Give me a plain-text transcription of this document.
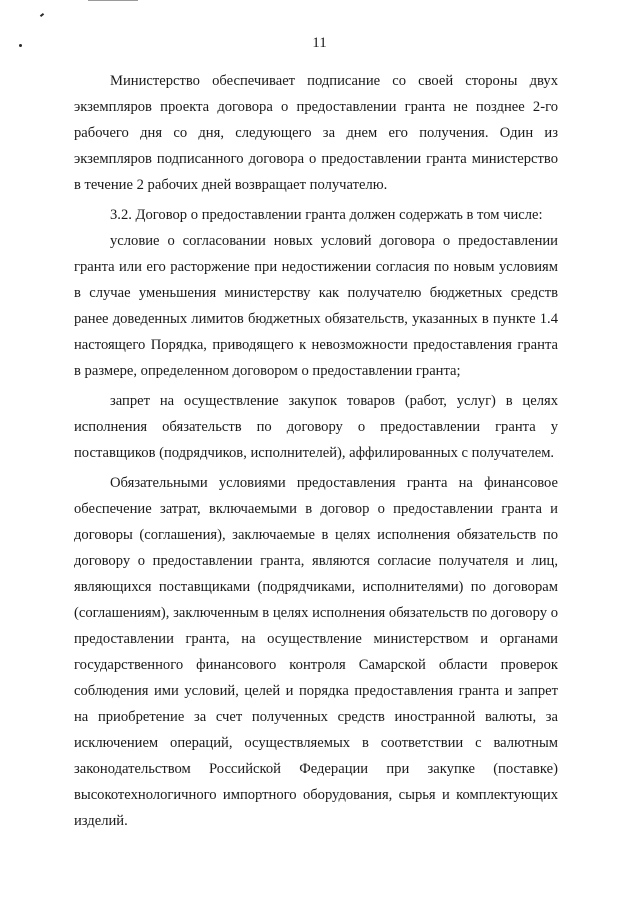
11

Министерство обеспечивает подписание со своей стороны двух экземпляров проекта договора о предоставлении гранта не позднее 2-го рабочего дня со дня, следующего за днем его получения. Один из экземпляров подписанного договора о предоставлении гранта министерство в течение 2 рабочих дней возвращает получателю.

3.2. Договор о предоставлении гранта должен содержать в том числе:

условие о согласовании новых условий договора о предоставлении гранта или его расторжение при недостижении согласия по новым условиям в случае уменьшения министерству как получателю бюджетных средств ранее доведенных лимитов бюджетных обязательств, указанных в пункте 1.4 настоящего Порядка, приводящего к невозможности предоставления гранта в размере, определенном договором о предоставлении гранта;

запрет на осуществление закупок товаров (работ, услуг) в целях исполнения обязательств по договору о предоставлении гранта у поставщиков (подрядчиков, исполнителей), аффилированных с получателем.

Обязательными условиями предоставления гранта на финансовое обеспечение затрат, включаемыми в договор о предоставлении гранта и договоры (соглашения), заключаемые в целях исполнения обязательств по договору о предоставлении гранта, являются согласие получателя и лиц, являющихся поставщиками (подрядчиками, исполнителями) по договорам (соглашениям), заключенным в целях исполнения обязательств по договору о предоставлении гранта, на осуществление министерством и органами государственного финансового контроля Самарской области проверок соблюдения ими условий, целей и порядка предоставления гранта и запрет на приобретение за счет полученных средств иностранной валюты, за исключением операций, осуществляемых в соответствии с валютным законодательством Российской Федерации при закупке (поставке) высокотехнологичного импортного оборудования, сырья и комплектующих изделий.
